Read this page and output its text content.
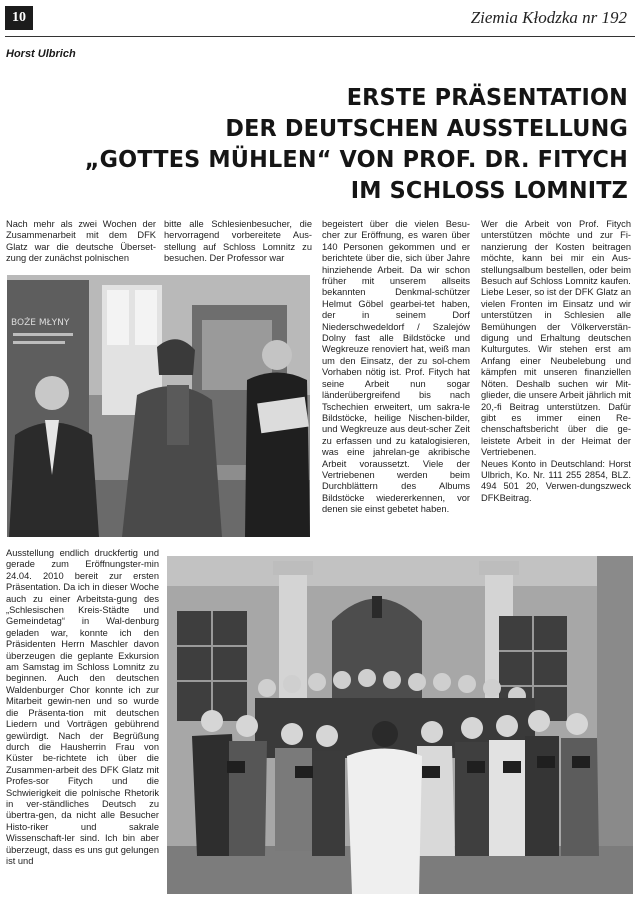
10	Ziemia Kłodzka nr 192
Horst Ulbrich
ERSTE PRÄSENTATION
DER DEUTSCHEN AUSSTELLUNG
„GOTTES MÜHLEN“ VON PROF. DR. FITYCH
IM SCHLOSS LOMNITZ

Nach mehr als zwei Wochen der Zusammenarbeit mit dem DFK Glatz war die deutsche Überset-zung der zunächst polnischen

bitte alle Schlesienbesucher, die hervorragend vorbereitete Aus-stellung auf Schloss Lomnitz zu besuchen. Der Professor war

begeistert über die vielen Besu-cher zur Eröffnung, es waren über 140 Personen gekommen und er berichtete über die, sich über Jahre hinziehende Arbeit. Da wir schon früher mit unserem allseits bekannten Denkmal-schützer Helmut Göbel gearbei-tet haben, der in seinem Dorf Niederschwedeldorf / Szalejów Dolny fast alle Bildstöcke und Wegkreuze renoviert hat, weiß man um den Einsatz, der zu sol-chem Vorhaben nötig ist. Prof. Fitych hat seine Arbeit nun sogar länderübergreifend bis nach Tschechien erweitert, um sakra-le Bildstöcke, heilige Nischen-bilder, und Wegkreuze aus deut-scher Zeit zu erfassen und zu katalogisieren, was eine jahrelan-ge akribische Arbeit voraussetzt. Viele der Vertriebenen werden beim Durchblättern des Albums Bildstöcke wiedererkennen, vor denen sie einst gebetet haben.

Wer die Arbeit von Prof. Fitych unterstützen möchte und zur Fi-nanzierung der Kosten beitragen möchte, kann bei mir ein Aus-stellungsalbum bestellen, oder beim Besuch auf Schloss Lomnitz kaufen.

Liebe Leser, so ist der DFK Glatz an vielen Fronten im Einsatz und wir unterstützen in Schlesien alle Bemühungen der Völkerverstän-digung und Erhaltung deutschen Kulturgutes. Wir stehen erst am Anfang einer Neubelebung und kämpfen mit unseren finanziellen Nöten. Deshalb suchen wir Mit-glieder, die unsere Arbeit jährlich mit 20,-fi Beitrag unterstützen. Dafür gibt es immer einen Re-chenschaftsbericht über die ge-leistete Arbeit in der Heimat der Vertriebenen.

Neues Konto in Deutschland: Horst Ulbrich, Ko. Nr. 111 255 2854, BLZ. 494 501 20, Verwen-dungszweck DFKBeitrag.

BOŻE MŁYNY

Ausstellung endlich druckfertig und gerade zum Eröffnungster-min 24.04. 2010 bereit zur ersten Präsentation. Da ich in dieser Woche auch zu einer Arbeitsta-gung des „Schlesischen Kreis-Städte und Gemeindetag“ in Wal-denburg geladen war, konnte ich den Präsidenten Herrn Maschler davon überzeugen die geplante Exkursion am Samstag im Schloss Lomnitz zu beginnen. Auch den deutschen Waldenburger Chor konnte ich zur Mitarbeit gewin-nen und so wurde die Präsenta-tion mit deutschen Liedern und Vorträgen gebührend gewürdigt. Nach der Begrüßung durch die Hausherrin Frau von Küster be-richtete ich über die Zusammen-arbeit des DFK Glatz mit Profes-sor Fitych und die Schwierigkeit die polnische Rhetorik in ver-ständliches Deutsch zu übertra-gen, da nicht alle Besucher Histo-riker und sakrale Wissenschaft-ler sind. Ich bin aber überzeugt, dass es uns gut gelungen ist und
